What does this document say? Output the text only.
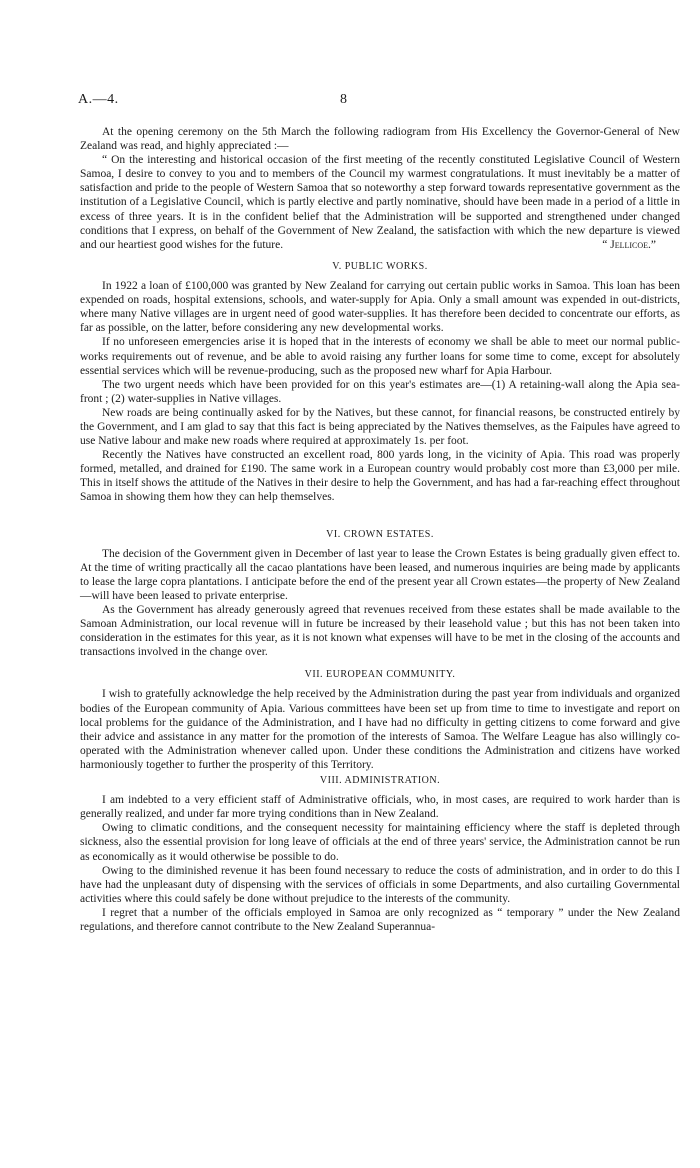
A.—4.	8

At the opening ceremony on the 5th March the following radiogram from His Excellency the Governor-General of New Zealand was read, and highly appreciated :—

“ On the interesting and historical occasion of the first meeting of the recently constituted Legislative Council of Western Samoa, I desire to convey to you and to members of the Council my warmest congratulations. It must inevitably be a matter of satisfaction and pride to the people of Western Samoa that so noteworthy a step forward towards representative government as the institution of a Legislative Council, which is partly elective and partly nominative, should have been made in a period of a little in excess of three years. It is in the confident belief that the Administration will be supported and strengthened under changed conditions that I express, on behalf of the Government of New Zealand, the satisfaction with which the new departure is viewed and our heartiest good wishes for the future.	“ Jellicoe.”
V. PUBLIC WORKS.

In 1922 a loan of £100,000 was granted by New Zealand for carrying out certain public works in Samoa. This loan has been expended on roads, hospital extensions, schools, and water-supply for Apia. Only a small amount was expended in out-districts, where many Native villages are in urgent need of good water-supplies. It has therefore been decided to concentrate our efforts, as far as possible, on the latter, before considering any new developmental works.

If no unforeseen emergencies arise it is hoped that in the interests of economy we shall be able to meet our normal public-works requirements out of revenue, and be able to avoid raising any further loans for some time to come, except for absolutely essential services which will be revenue-producing, such as the proposed new wharf for Apia Harbour.

The two urgent needs which have been provided for on this year's estimates are—(1) A retaining-wall along the Apia sea-front ; (2) water-supplies in Native villages.

New roads are being continually asked for by the Natives, but these cannot, for financial reasons, be constructed entirely by the Government, and I am glad to say that this fact is being appreciated by the Natives themselves, as the Faipules have agreed to use Native labour and make new roads where required at approximately 1s. per foot.

Recently the Natives have constructed an excellent road, 800 yards long, in the vicinity of Apia. This road was properly formed, metalled, and drained for £190. The same work in a European country would probably cost more than £3,000 per mile. This in itself shows the attitude of the Natives in their desire to help the Government, and has had a far-reaching effect throughout Samoa in showing them how they can help themselves.

VI. CROWN ESTATES.

The decision of the Government given in December of last year to lease the Crown Estates is being gradually given effect to. At the time of writing practically all the cacao plantations have been leased, and numerous inquiries are being made by applicants to lease the large copra plantations. I anticipate before the end of the present year all Crown estates—the property of New Zealand—will have been leased to private enterprise.

As the Government has already generously agreed that revenues received from these estates shall be made available to the Samoan Administration, our local revenue will in future be increased by their leasehold value ; but this has not been taken into consideration in the estimates for this year, as it is not known what expenses will have to be met in the closing of the accounts and transactions involved in the change over.

VII. EUROPEAN COMMUNITY.

I wish to gratefully acknowledge the help received by the Administration during the past year from individuals and organized bodies of the European community of Apia. Various committees have been set up from time to time to investigate and report on local problems for the guidance of the Administration, and I have had no difficulty in getting citizens to come forward and give their advice and assistance in any matter for the promotion of the interests of Samoa. The Welfare League has also willingly co-operated with the Administration whenever called upon. Under these conditions the Administration and citizens have worked harmoniously together to further the prosperity of this Territory.

VIII. ADMINISTRATION.

I am indebted to a very efficient staff of Administrative officials, who, in most cases, are required to work harder than is generally realized, and under far more trying conditions than in New Zealand.

Owing to climatic conditions, and the consequent necessity for maintaining efficiency where the staff is depleted through sickness, also the essential provision for long leave of officials at the end of three years' service, the Administration cannot be run as economically as it would otherwise be possible to do.

Owing to the diminished revenue it has been found necessary to reduce the costs of administration, and in order to do this I have had the unpleasant duty of dispensing with the services of officials in some Departments, and also curtailing Governmental activities where this could safely be done without prejudice to the interests of the community.

I regret that a number of the officials employed in Samoa are only recognized as “ temporary ” under the New Zealand regulations, and therefore cannot contribute to the New Zealand Superannua-
